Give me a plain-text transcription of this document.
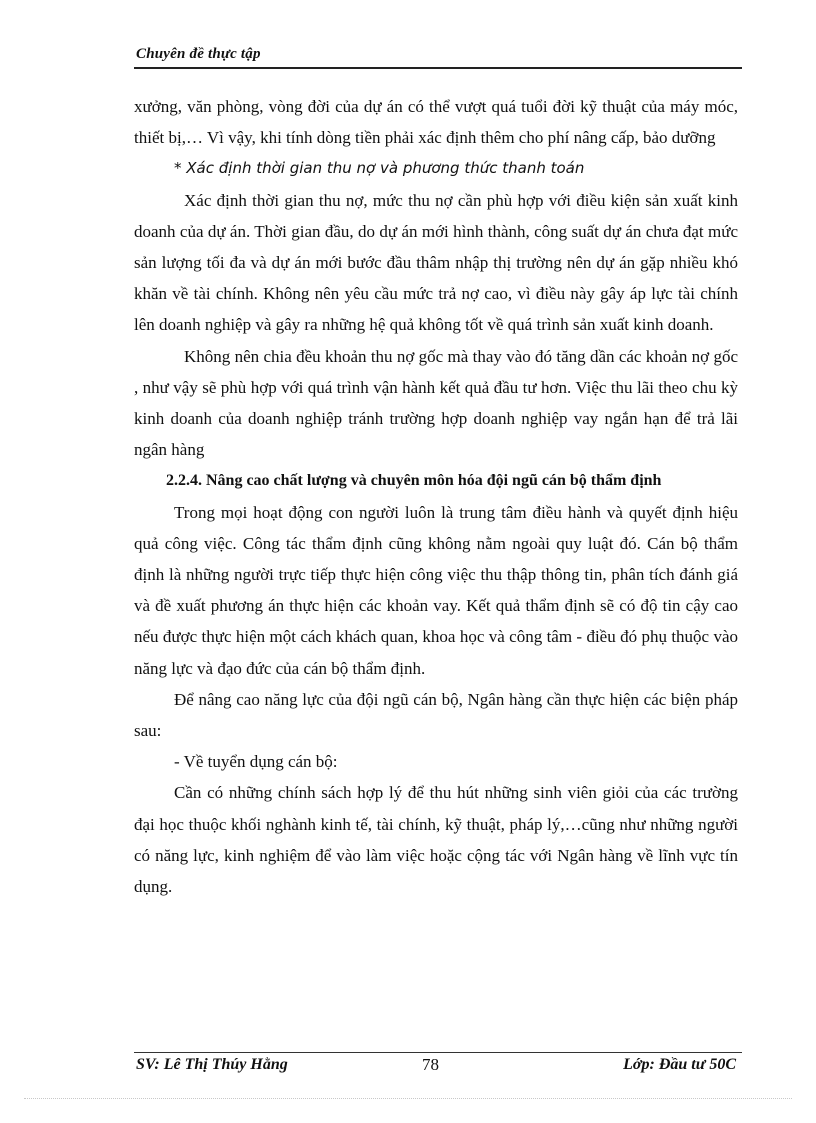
Chuyên đề thực tập

xưởng, văn phòng, vòng đời của dự án có thể vượt quá tuổi đời kỹ thuật của máy móc, thiết bị,… Vì vậy, khi tính dòng tiền phải xác định thêm cho phí nâng cấp, bảo dưỡng

* Xác định thời gian thu nợ và phương thức thanh toán

Xác định thời gian thu nợ, mức thu nợ cần phù hợp với điều kiện sản xuất kinh doanh của dự án. Thời gian đầu, do dự án mới hình thành, công suất dự án chưa đạt mức sản lượng tối đa và dự án mới bước đầu thâm nhập thị trường nên dự án gặp nhiều khó khăn về tài chính. Không nên yêu cầu mức trả nợ cao, vì điều này gây áp lực tài chính lên doanh nghiệp và gây ra những hệ quả không tốt về quá trình sản xuất kinh doanh.

Không nên chia đều khoản thu nợ gốc mà thay vào đó tăng dần các khoản nợ gốc , như vậy sẽ phù hợp với quá trình vận hành kết quả đầu tư hơn. Việc thu lãi theo chu kỳ kinh doanh của doanh nghiệp tránh trường hợp doanh nghiệp vay ngắn hạn để trả lãi ngân hàng

2.2.4. Nâng cao chất lượng và chuyên môn hóa đội ngũ cán bộ thẩm định

Trong mọi hoạt động con người luôn là trung tâm điều hành và quyết định hiệu quả công việc. Công tác thẩm định cũng không nằm ngoài quy luật đó. Cán bộ thẩm định là những người trực tiếp thực hiện công việc thu thập thông tin, phân tích đánh giá và đề xuất phương án thực hiện các khoản vay. Kết quả thẩm định sẽ có độ tin cậy cao nếu được thực hiện một cách khách quan, khoa học và công tâm - điều đó phụ thuộc vào năng lực và đạo đức của cán bộ thẩm định.

Để nâng cao năng lực của đội ngũ cán bộ, Ngân hàng cần thực hiện các biện pháp sau:

- Về tuyển dụng cán bộ:

Cần có những chính sách hợp lý để thu hút những sinh viên giỏi của các trường đại học thuộc khối nghành kinh tế, tài chính, kỹ thuật, pháp lý,…cũng như những người có năng lực, kinh nghiệm để vào làm việc hoặc cộng tác với Ngân hàng về lĩnh vực tín dụng.

SV: Lê Thị Thúy Hằng	78	Lớp: Đầu tư 50C
